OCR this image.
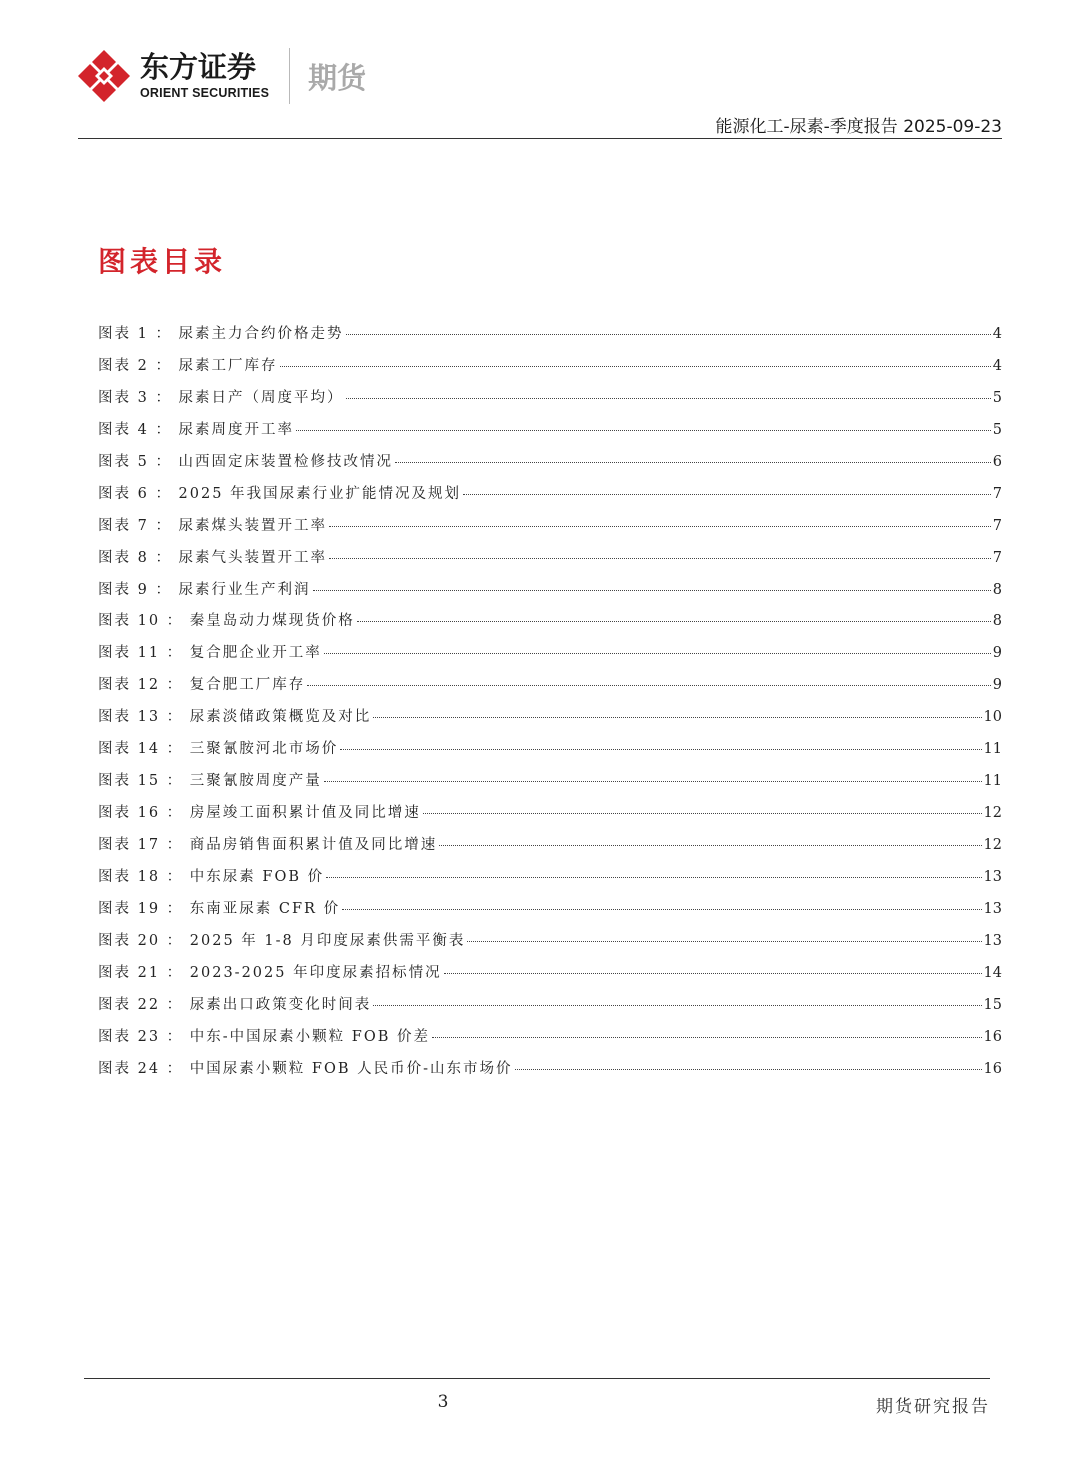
东方证券
ORIENT SECURITIES 期货
能源化工-尿素-季度报告 2025-09-23
图表目录
图表 1 ： 尿素主力合约价格走势	4
图表 2 ： 尿素工厂库存	4
图表 3 ： 尿素日产（周度平均）	5
图表 4 ： 尿素周度开工率	5
图表 5 ： 山西固定床装置检修技改情况	6
图表 6 ： 2025 年我国尿素行业扩能情况及规划	7
图表 7 ： 尿素煤头装置开工率	7
图表 8 ： 尿素气头装置开工率	7
图表 9 ： 尿素行业生产利润	8
图表 10 ： 秦皇岛动力煤现货价格	8
图表 11 ： 复合肥企业开工率	9
图表 12 ： 复合肥工厂库存	9
图表 13 ： 尿素淡储政策概览及对比	10
图表 14 ： 三聚氰胺河北市场价	11
图表 15 ： 三聚氰胺周度产量	11
图表 16 ： 房屋竣工面积累计值及同比增速	12
图表 17 ： 商品房销售面积累计值及同比增速	12
图表 18 ： 中东尿素 FOB 价	13
图表 19 ： 东南亚尿素 CFR 价	13
图表 20 ： 2025 年 1-8 月印度尿素供需平衡表	13
图表 21 ： 2023-2025 年印度尿素招标情况	14
图表 22 ： 尿素出口政策变化时间表	15
图表 23 ： 中东-中国尿素小颗粒 FOB 价差	16
图表 24 ： 中国尿素小颗粒 FOB 人民币价-山东市场价	16
3	期货研究报告
